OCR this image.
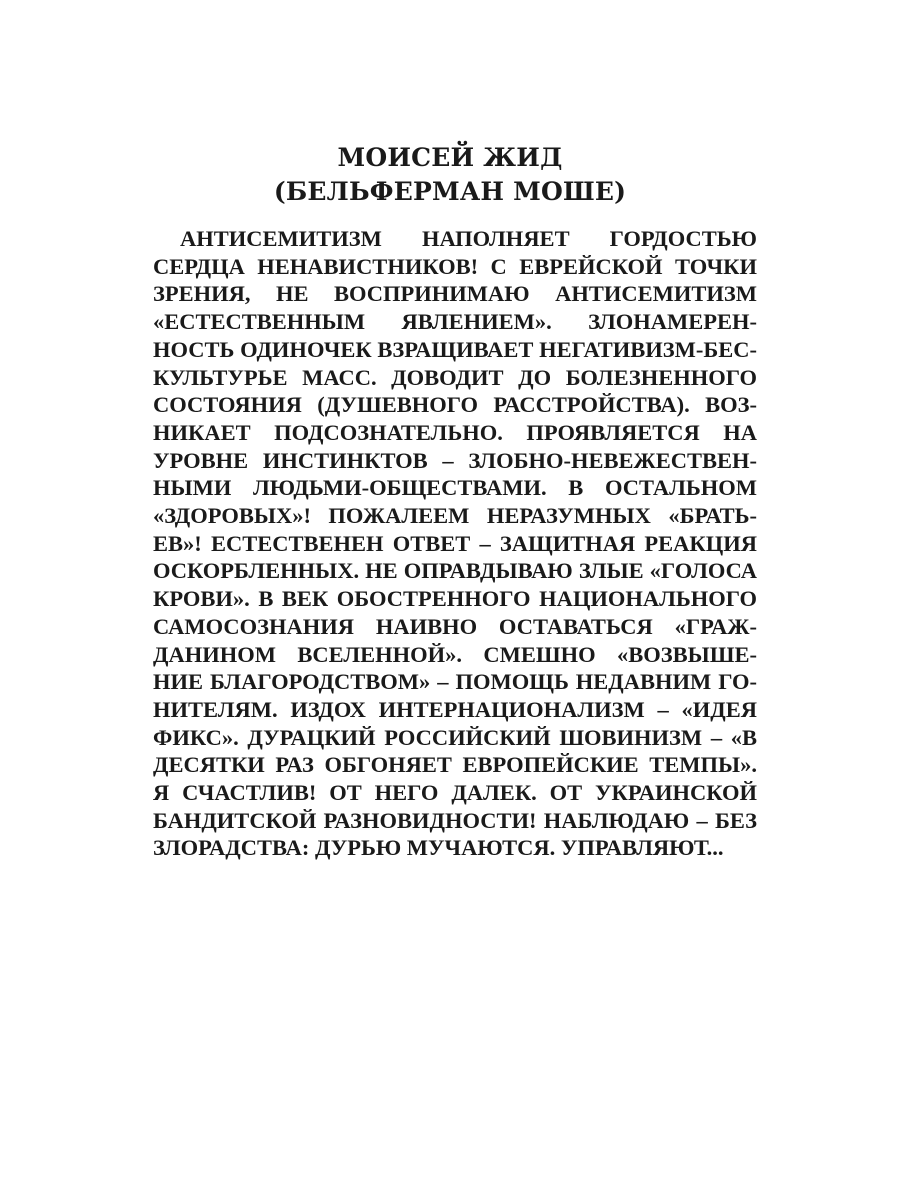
МОИСЕЙ ЖИД
(БЕЛЬФЕРМАН МОШЕ)
АНТИСЕМИТИЗМ НАПОЛНЯЕТ ГОРДОСТЬЮ
СЕРДЦА НЕНАВИСТНИКОВ! С ЕВРЕЙСКОЙ ТОЧКИ
ЗРЕНИЯ, НЕ ВОСПРИНИМАЮ АНТИСЕМИТИЗМ
«ЕСТЕСТВЕННЫМ ЯВЛЕНИЕМ». ЗЛОНАМЕРЕН-
НОСТЬ ОДИНОЧЕК ВЗРАЩИВАЕТ НЕГАТИВИЗМ-БЕС-
КУЛЬТУРЬЕ МАСС. ДОВОДИТ ДО БОЛЕЗНЕННОГО
СОСТОЯНИЯ (ДУШЕВНОГО РАССТРОЙСТВА). ВОЗ-
НИКАЕТ ПОДСОЗНАТЕЛЬНО. ПРОЯВЛЯЕТСЯ НА
УРОВНЕ ИНСТИНКТОВ – ЗЛОБНО-НЕВЕЖЕСТВЕН-
НЫМИ ЛЮДЬМИ-ОБЩЕСТВАМИ. В ОСТАЛЬНОМ
«ЗДОРОВЫХ»! ПОЖАЛЕЕМ НЕРАЗУМНЫХ «БРАТЬ-
ЕВ»! ЕСТЕСТВЕНЕН ОТВЕТ – ЗАЩИТНАЯ РЕАКЦИЯ
ОСКОРБЛЕННЫХ. НЕ ОПРАВДЫВАЮ ЗЛЫЕ «ГОЛОСА
КРОВИ». В ВЕК ОБОСТРЕННОГО НАЦИОНАЛЬНОГО
САМОСОЗНАНИЯ НАИВНО ОСТАВАТЬСЯ «ГРАЖ-
ДАНИНОМ ВСЕЛЕННОЙ». СМЕШНО «ВОЗВЫШЕ-
НИЕ БЛАГОРОДСТВОМ» – ПОМОЩЬ НЕДАВНИМ ГО-
НИТЕЛЯМ. ИЗДОХ ИНТЕРНАЦИОНАЛИЗМ – «ИДЕЯ
ФИКС». ДУРАЦКИЙ РОССИЙСКИЙ ШОВИНИЗМ – «В
ДЕСЯТКИ РАЗ ОБГОНЯЕТ ЕВРОПЕЙСКИЕ ТЕМПЫ».
Я СЧАСТЛИВ! ОТ НЕГО ДАЛЕК. ОТ УКРАИНСКОЙ
БАНДИТСКОЙ РАЗНОВИДНОСТИ! НАБЛЮДАЮ – БЕЗ
ЗЛОРАДСТВА: ДУРЬЮ МУЧАЮТСЯ. УПРАВЛЯЮТ...
